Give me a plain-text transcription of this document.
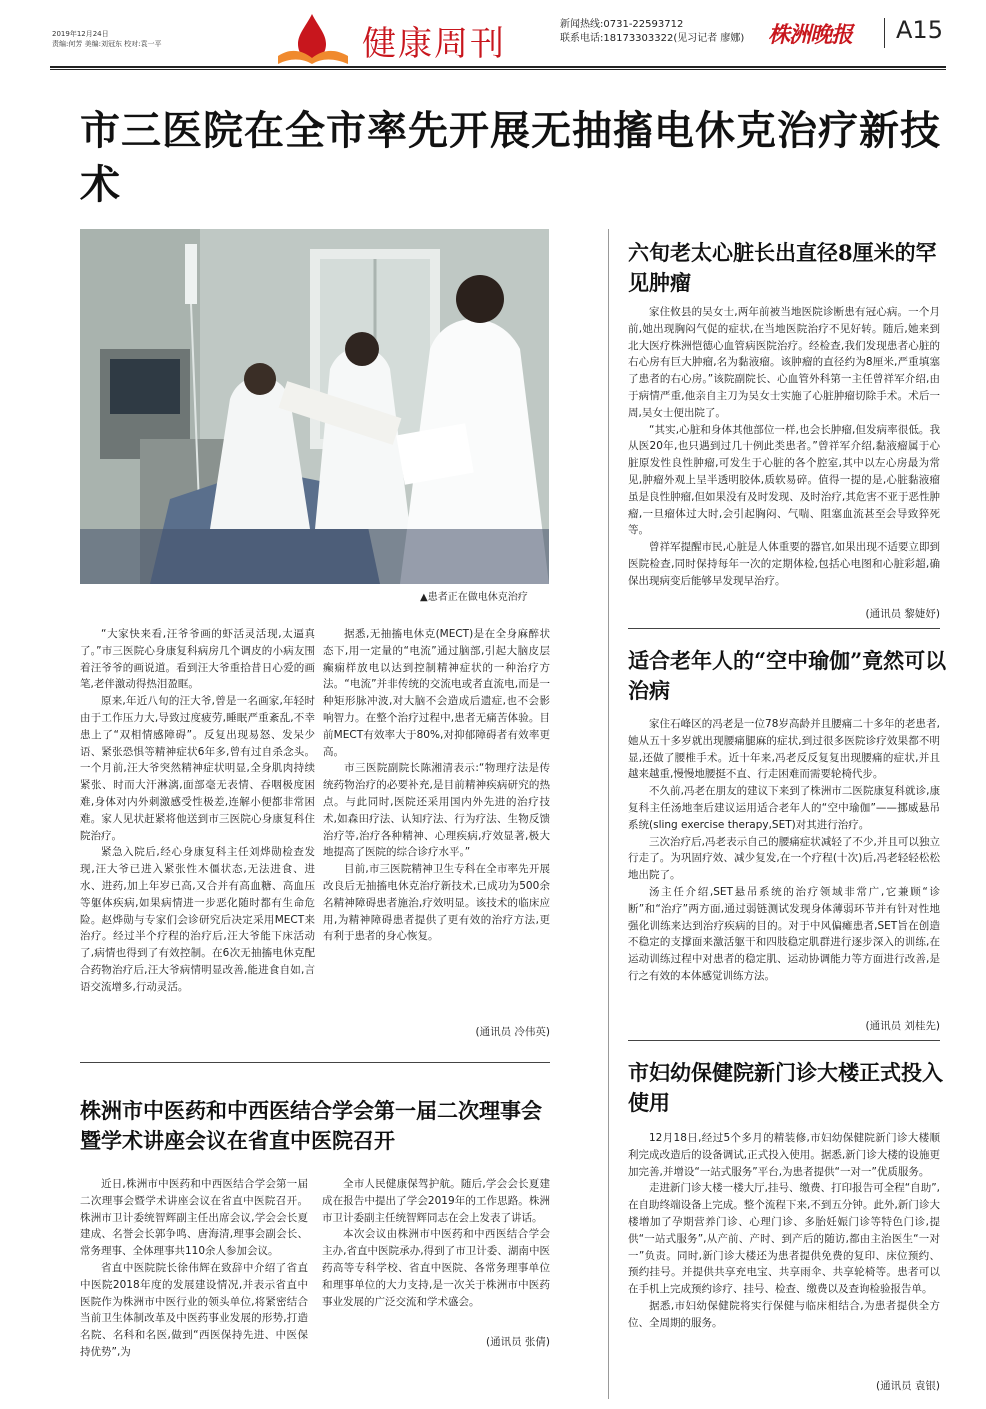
2019年12月24日
责编:何芳 美编:刘冠东 校对:袁一平	健康周刊	新闻热线:0731-22593712
联系电话:18173303322(见习记者 廖娜) 株洲晚报 A15
市三医院在全市率先开展无抽搐电休克治疗新技术
▲患者正在做电休克治疗

“大家快来看,汪爷爷画的虾活灵活现,太逼真了。”市三医院心身康复科病房几个调皮的小病友围着汪爷爷的画说道。看到汪大爷重拾昔日心爱的画笔,老伴激动得热泪盈眶。

原来,年近八旬的汪大爷,曾是一名画家,年轻时由于工作压力大,导致过度疲劳,睡眠严重紊乱,不幸患上了“双相情感障碍”。反复出现易怒、发呆少语、紧张恐惧等精神症状6年多,曾有过自杀念头。一个月前,汪大爷突然精神症状明显,全身肌肉持续紧张、时而大汗淋漓,面部毫无表情、吞咽极度困难,身体对内外刺激感受性极差,连解小便都非常困难。家人见状赶紧将他送到市三医院心身康复科住院治疗。

紧急入院后,经心身康复科主任刘烨勋检查发现,汪大爷已进入紧张性木僵状态,无法进食、进水、进药,加上年岁已高,又合并有高血糖、高血压等躯体疾病,如果病情进一步恶化随时都有生命危险。赵烨勋与专家们会诊研究后决定采用MECT来治疗。经过半个疗程的治疗后,汪大爷能下床活动了,病情也得到了有效控制。在6次无抽搐电休克配合药物治疗后,汪大爷病情明显改善,能进食自如,言语交流增多,行动灵活。

据悉,无抽搐电休克(MECT)是在全身麻醉状态下,用一定量的“电流”通过脑部,引起大脑皮层癫痫样放电以达到控制精神症状的一种治疗方法。“电流”并非传统的交流电或者直流电,而是一种矩形脉冲波,对大脑不会造成后遗症,也不会影响智力。在整个治疗过程中,患者无痛苦体验。目前MECT有效率大于80%,对抑郁障碍者有效率更高。

市三医院副院长陈湘清表示:“物理疗法是传统药物治疗的必要补充,是目前精神疾病研究的热点。与此同时,医院还采用国内外先进的治疗技术,如森田疗法、认知疗法、行为疗法、生物反馈治疗等,治疗各种精神、心理疾病,疗效显著,极大地提高了医院的综合诊疗水平。”

目前,市三医院精神卫生专科在全市率先开展改良后无抽搐电休克治疗新技术,已成功为500余名精神障碍患者施治,疗效明显。该技术的临床应用,为精神障碍患者提供了更有效的治疗方法,更有利于患者的身心恢复。

(通讯员 冷伟英)
六旬老太心脏长出直径8厘米的罕见肿瘤

家住攸县的吴女士,两年前被当地医院诊断患有冠心病。一个月前,她出现胸闷气促的症状,在当地医院治疗不见好转。随后,她来到北大医疗株洲恺德心血管病医院治疗。经检查,我们发现患者心脏的右心房有巨大肿瘤,名为黏液瘤。该肿瘤的直径约为8厘米,严重填塞了患者的右心房。”该院副院长、心血管外科第一主任曾祥军介绍,由于病情严重,他亲自主刀为吴女士实施了心脏肿瘤切除手术。术后一周,吴女士便出院了。

“其实,心脏和身体其他部位一样,也会长肿瘤,但发病率很低。我从医20年,也只遇到过几十例此类患者。”曾祥军介绍,黏液瘤属于心脏原发性良性肿瘤,可发生于心脏的各个腔室,其中以左心房最为常见,肿瘤外观上呈半透明胶体,质软易碎。值得一提的是,心脏黏液瘤虽是良性肿瘤,但如果没有及时发现、及时治疗,其危害不亚于恶性肿瘤,一旦瘤体过大时,会引起胸闷、气喘、阻塞血流甚至会导致猝死等。

曾祥军提醒市民,心脏是人体重要的器官,如果出现不适要立即到医院检查,同时保持每年一次的定期体检,包括心电图和心脏彩超,确保出现病变后能够早发现早治疗。

(通讯员 黎婕妤)
适合老年人的“空中瑜伽”竟然可以治病

家住石峰区的冯老是一位78岁高龄并且腰痛二十多年的老患者,她从五十多岁就出现腰痛腿麻的症状,到过很多医院诊疗效果都不明显,还做了腰椎手术。近十年来,冯老反反复复出现腰痛的症状,并且越来越重,慢慢地腰挺不直、行走困难而需要轮椅代步。

不久前,冯老在朋友的建议下来到了株洲市二医院康复科就诊,康复科主任汤地奎后建议运用适合老年人的“空中瑜伽”——挪威悬吊系统(sling exercise therapy,SET)对其进行治疗。

三次治疗后,冯老表示自己的腰痛症状减轻了不少,并且可以独立行走了。为巩固疗效、减少复发,在一个疗程(十次)后,冯老轻轻松松地出院了。

汤主任介绍,SET悬吊系统的治疗领域非常广,它兼顾“诊断”和“治疗”两方面,通过弱链测试发现身体薄弱环节并有针对性地强化训练来达到治疗疾病的目的。对于中风偏瘫患者,SET旨在创造不稳定的支撑面来激活躯干和四肢稳定肌群进行逐步深入的训练,在运动训练过程中对患者的稳定肌、运动协调能力等方面进行改善,是行之有效的本体感觉训练方法。

(通讯员 刘桂先)
市妇幼保健院新门诊大楼正式投入使用

12月18日,经过5个多月的精装修,市妇幼保健院新门诊大楼顺利完成改造后的设备调试,正式投入使用。据悉,新门诊大楼的设施更加完善,并增设“一站式服务”平台,为患者提供“一对一”优质服务。

走进新门诊大楼一楼大厅,挂号、缴费、打印报告可全程“自助”,在自助终端设备上完成。整个流程下来,不到五分钟。此外,新门诊大楼增加了孕期营养门诊、心理门诊、多胎妊娠门诊等特色门诊,提供“一站式服务”,从产前、产时、到产后的随访,都由主治医生“一对一”负责。同时,新门诊大楼还为患者提供免费的复印、床位预约、预约挂号。并提供共享充电宝、共享雨伞、共享轮椅等。患者可以在手机上完成预约诊疗、挂号、检查、缴费以及查询检验报告单。

据悉,市妇幼保健院将实行保健与临床相结合,为患者提供全方位、全周期的服务。

(通讯员 袁银)
株洲市中医药和中西医结合学会第一届二次理事会暨学术讲座会议在省直中医院召开

近日,株洲市中医药和中西医结合学会第一届二次理事会暨学术讲座会议在省直中医院召开。株洲市卫计委统智辉副主任出席会议,学会会长夏建成、名誉会长郭争鸣、唐海清,理事会副会长、常务理事、全体理事共110余人参加会议。

省直中医院院长徐伟辉在致辞中介绍了省直中医院2018年度的发展建设情况,并表示省直中医院作为株洲市中医行业的领头单位,将紧密结合当前卫生体制改革及中医药事业发展的形势,打造名院、名科和名医,做到“西医保持先进、中医保持优势”,为

全市人民健康保驾护航。随后,学会会长夏建成在报告中提出了学会2019年的工作思路。株洲市卫计委副主任统智辉同志在会上发表了讲话。

本次会议由株洲市中医药和中西医结合学会主办,省直中医院承办,得到了市卫计委、湖南中医药高等专科学校、省直中医院、各常务理事单位和理事单位的大力支持,是一次关于株洲市中医药事业发展的广泛交流和学术盛会。

(通讯员 张倩)
